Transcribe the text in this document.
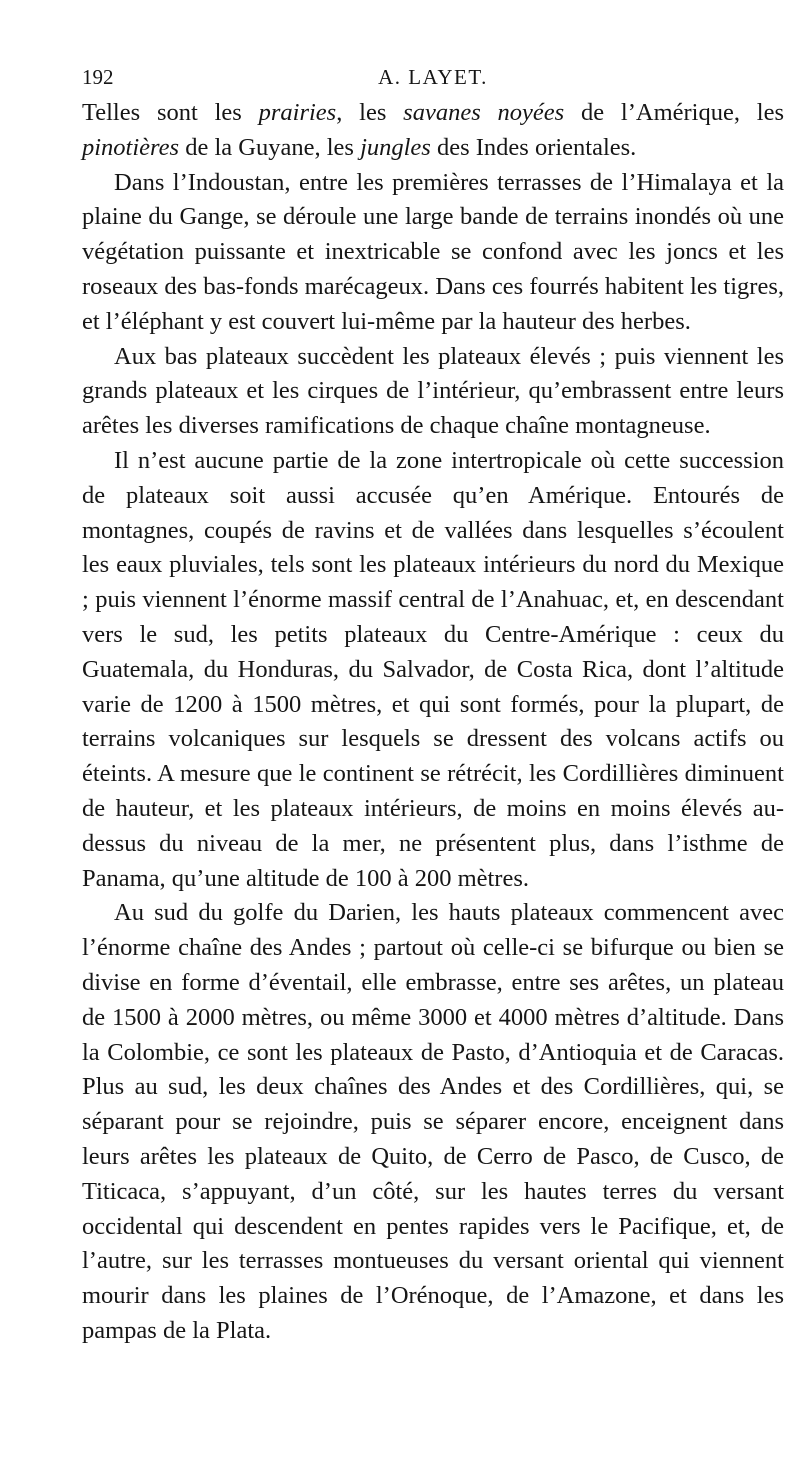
192	A. LAYET.

Telles sont les prairies, les savanes noyées de l’Amérique, les pinotières de la Guyane, les jungles des Indes orientales.

Dans l’Indoustan, entre les premières terrasses de l’Himalaya et la plaine du Gange, se déroule une large bande de terrains inondés où une végétation puissante et inextricable se confond avec les joncs et les roseaux des bas-fonds marécageux. Dans ces fourrés habitent les tigres, et l’éléphant y est couvert lui-même par la hauteur des herbes.

Aux bas plateaux succèdent les plateaux élevés ; puis viennent les grands plateaux et les cirques de l’intérieur, qu’embrassent entre leurs arêtes les diverses ramifications de chaque chaîne montagneuse.

Il n’est aucune partie de la zone intertropicale où cette succession de plateaux soit aussi accusée qu’en Amérique. Entourés de montagnes, coupés de ravins et de vallées dans lesquelles s’écoulent les eaux pluviales, tels sont les plateaux intérieurs du nord du Mexique ; puis viennent l’énorme massif central de l’Anahuac, et, en descendant vers le sud, les petits plateaux du Centre-Amérique : ceux du Guatemala, du Honduras, du Salvador, de Costa Rica, dont l’altitude varie de 1200 à 1500 mètres, et qui sont formés, pour la plupart, de terrains volcaniques sur lesquels se dressent des volcans actifs ou éteints. A mesure que le continent se rétrécit, les Cordillières diminuent de hauteur, et les plateaux intérieurs, de moins en moins élevés au-dessus du niveau de la mer, ne présentent plus, dans l’isthme de Panama, qu’une altitude de 100 à 200 mètres.

Au sud du golfe du Darien, les hauts plateaux commencent avec l’énorme chaîne des Andes ; partout où celle-ci se bifurque ou bien se divise en forme d’éventail, elle embrasse, entre ses arêtes, un plateau de 1500 à 2000 mètres, ou même 3000 et 4000 mètres d’altitude. Dans la Colombie, ce sont les plateaux de Pasto, d’Antioquia et de Caracas. Plus au sud, les deux chaînes des Andes et des Cordillières, qui, se séparant pour se rejoindre, puis se séparer encore, enceignent dans leurs arêtes les plateaux de Quito, de Cerro de Pasco, de Cusco, de Titicaca, s’appuyant, d’un côté, sur les hautes terres du versant occidental qui descendent en pentes rapides vers le Pacifique, et, de l’autre, sur les terrasses montueuses du versant oriental qui viennent mourir dans les plaines de l’Orénoque, de l’Amazone, et dans les pampas de la Plata.
